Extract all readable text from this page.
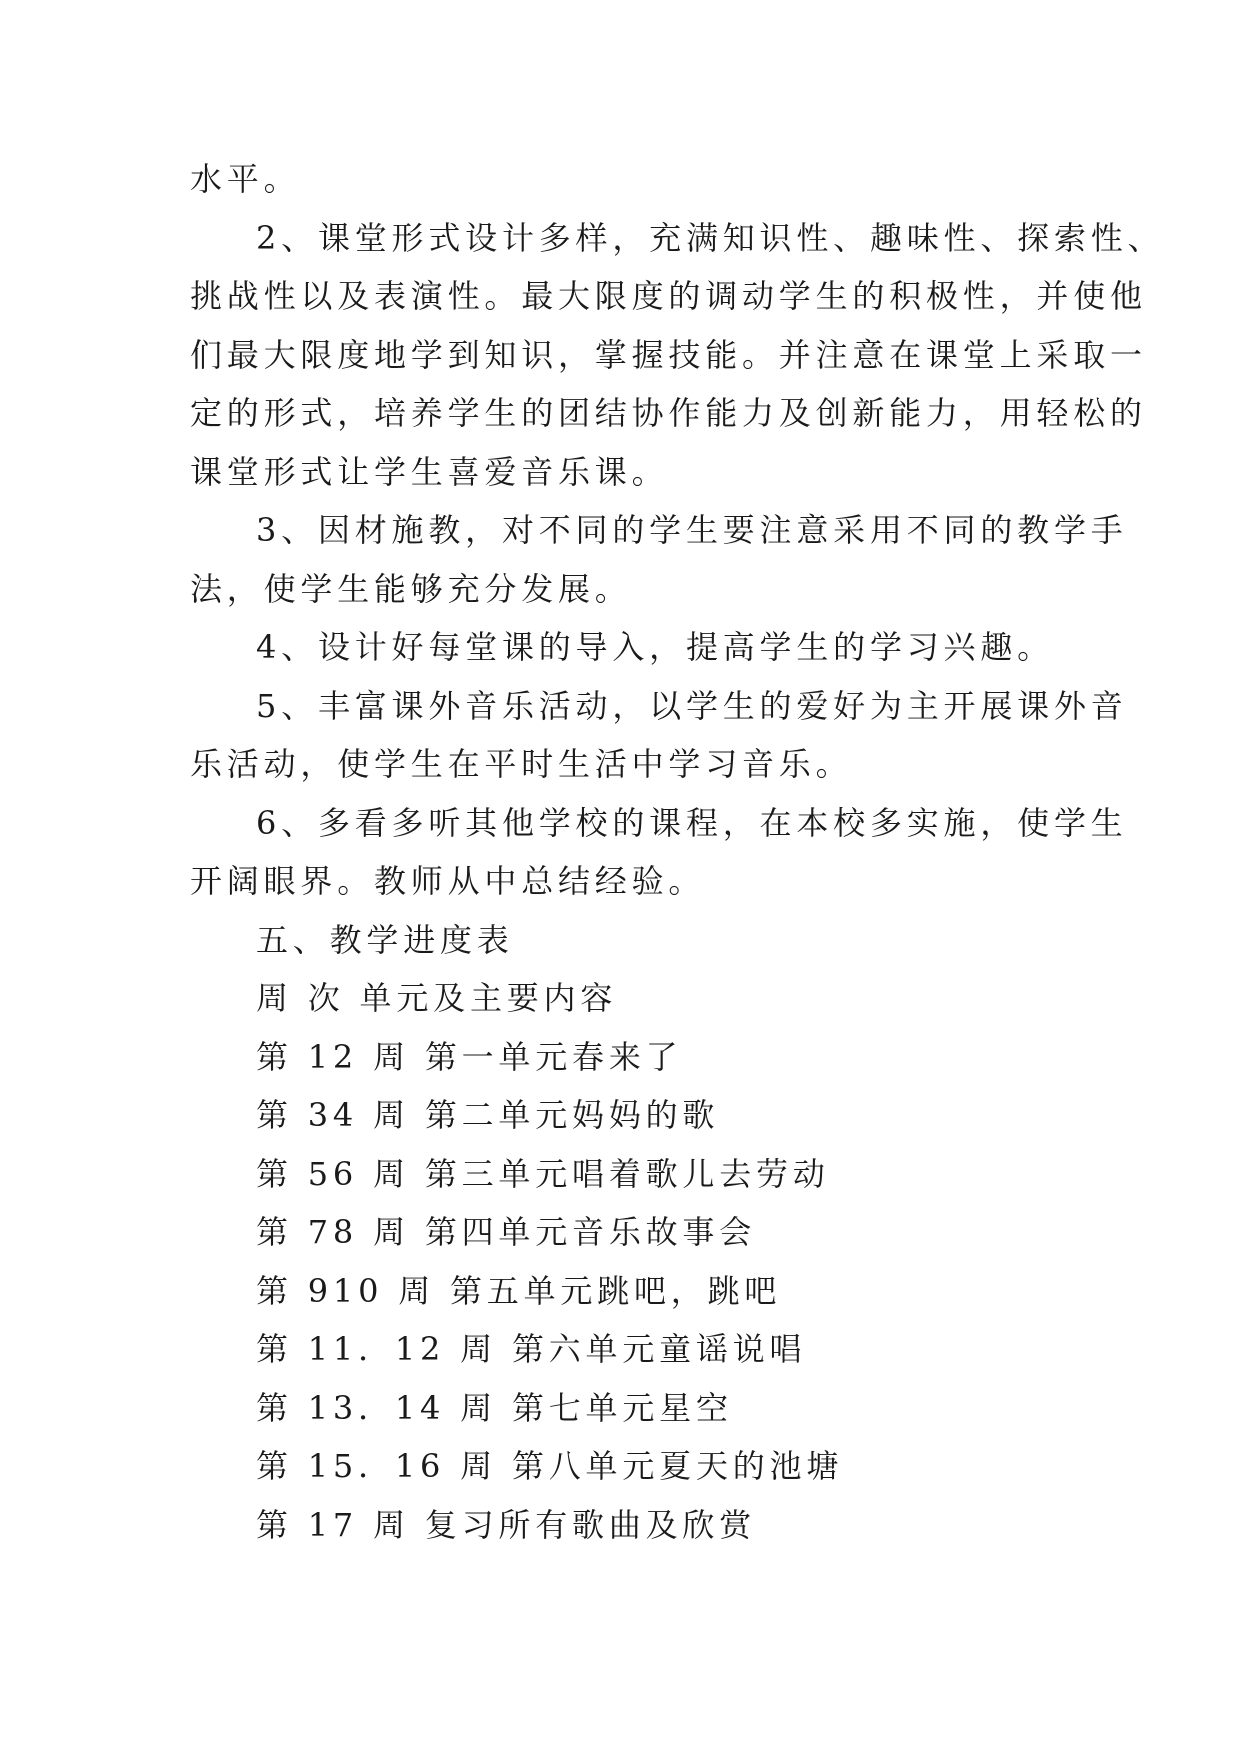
水平。
2、课堂形式设计多样，充满知识性、趣味性、探索性、
挑战性以及表演性。最大限度的调动学生的积极性，并使他
们最大限度地学到知识，掌握技能。并注意在课堂上采取一
定的形式，培养学生的团结协作能力及创新能力，用轻松的
课堂形式让学生喜爱音乐课。
3、因材施教，对不同的学生要注意采用不同的教学手
法，使学生能够充分发展。
4、设计好每堂课的导入，提高学生的学习兴趣。
5、丰富课外音乐活动，以学生的爱好为主开展课外音
乐活动，使学生在平时生活中学习音乐。
6、多看多听其他学校的课程，在本校多实施，使学生
开阔眼界。教师从中总结经验。
五、教学进度表
周 次 单元及主要内容
第 12 周 第一单元春来了
第 34 周 第二单元妈妈的歌
第 56 周 第三单元唱着歌儿去劳动
第 78 周 第四单元音乐故事会
第 910 周 第五单元跳吧，跳吧
第 11．12 周 第六单元童谣说唱
第 13．14 周 第七单元星空
第 15．16 周 第八单元夏天的池塘
第 17 周 复习所有歌曲及欣赏
